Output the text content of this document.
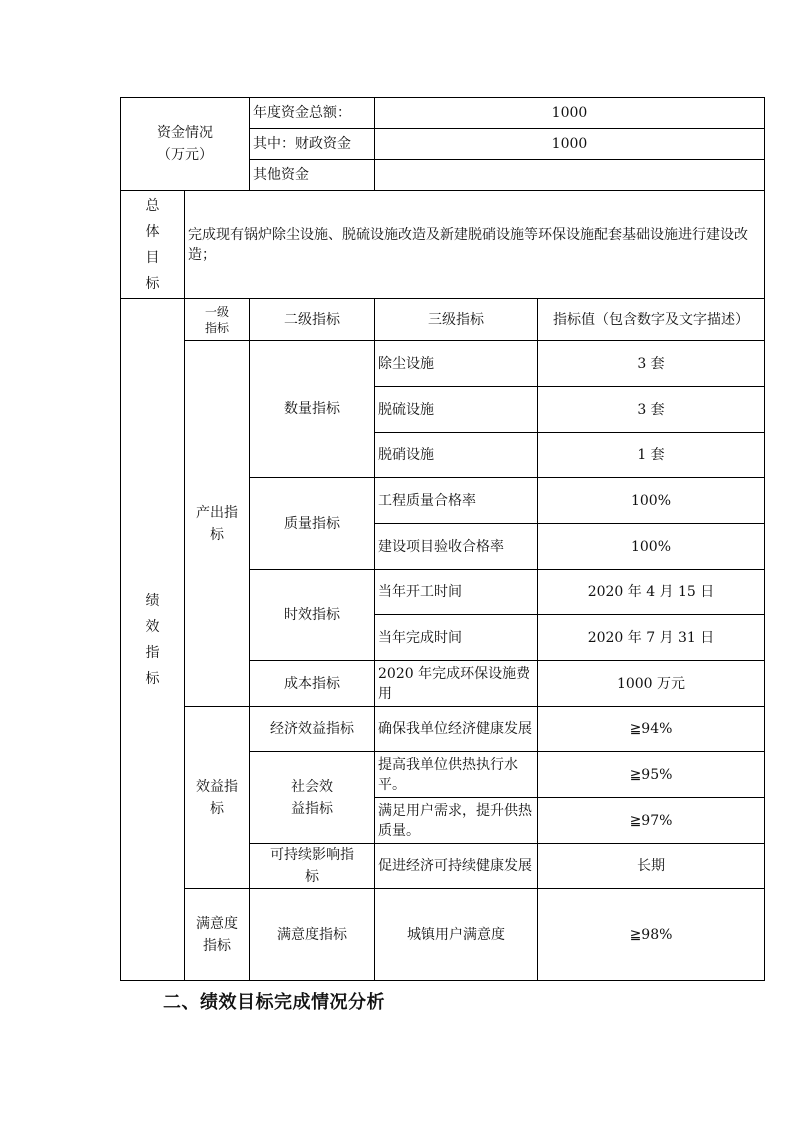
资金情况（万元）		年度资金总额：	1000	
		其中：财政资金	1000	
		其他资金		
总体目标	完成现有锅炉除尘设施、脱硫设施改造及新建脱硝设施等环保设施配套基础设施进行建设改造；			

绩效指标	一级指标	二级指标	三级指标	指标值（包含数字及文字描述）
	产出指标	数量指标	除尘设施	3 套
			脱硫设施	3 套
			脱硝设施	1 套
		质量指标	工程质量合格率	100%
			建设项目验收合格率	100%
		时效指标	当年开工时间	2020 年 4 月 15 日
			当年完成时间	2020 年 7 月 31 日
		成本指标	2020 年完成环保设施费用	1000 万元
	效益指标	经济效益指标	确保我单位经济健康发展	≧94%
		社会效益指标	提高我单位供热执行水平。	≧95%

			满足用户需求，提升供热质量。	≧97%
		可持续影响指标	促进经济可持续健康发展	长期
	满意度指标	满意度指标	城镇用户满意度	≧98%
二、绩效目标完成情况分析
